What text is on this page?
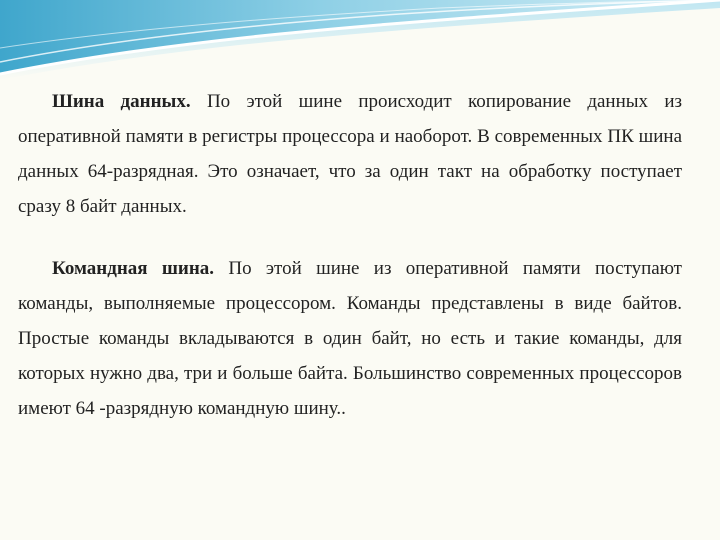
Шина данных. По этой шине происходит копирование данных из оперативной памяти в регистры процессора и наоборот. В современных ПК шина данных 64-разрядная. Это означает, что за один такт на обработку поступает сразу 8 байт данных.

Командная шина. По этой шине из оперативной памяти поступают команды, выполняемые процессором. Команды представлены в виде байтов. Простые команды вкладываются в один байт, но есть и такие команды, для которых нужно два, три и больше байта. Большинство современных процессоров имеют 64 -разрядную командную шину..
